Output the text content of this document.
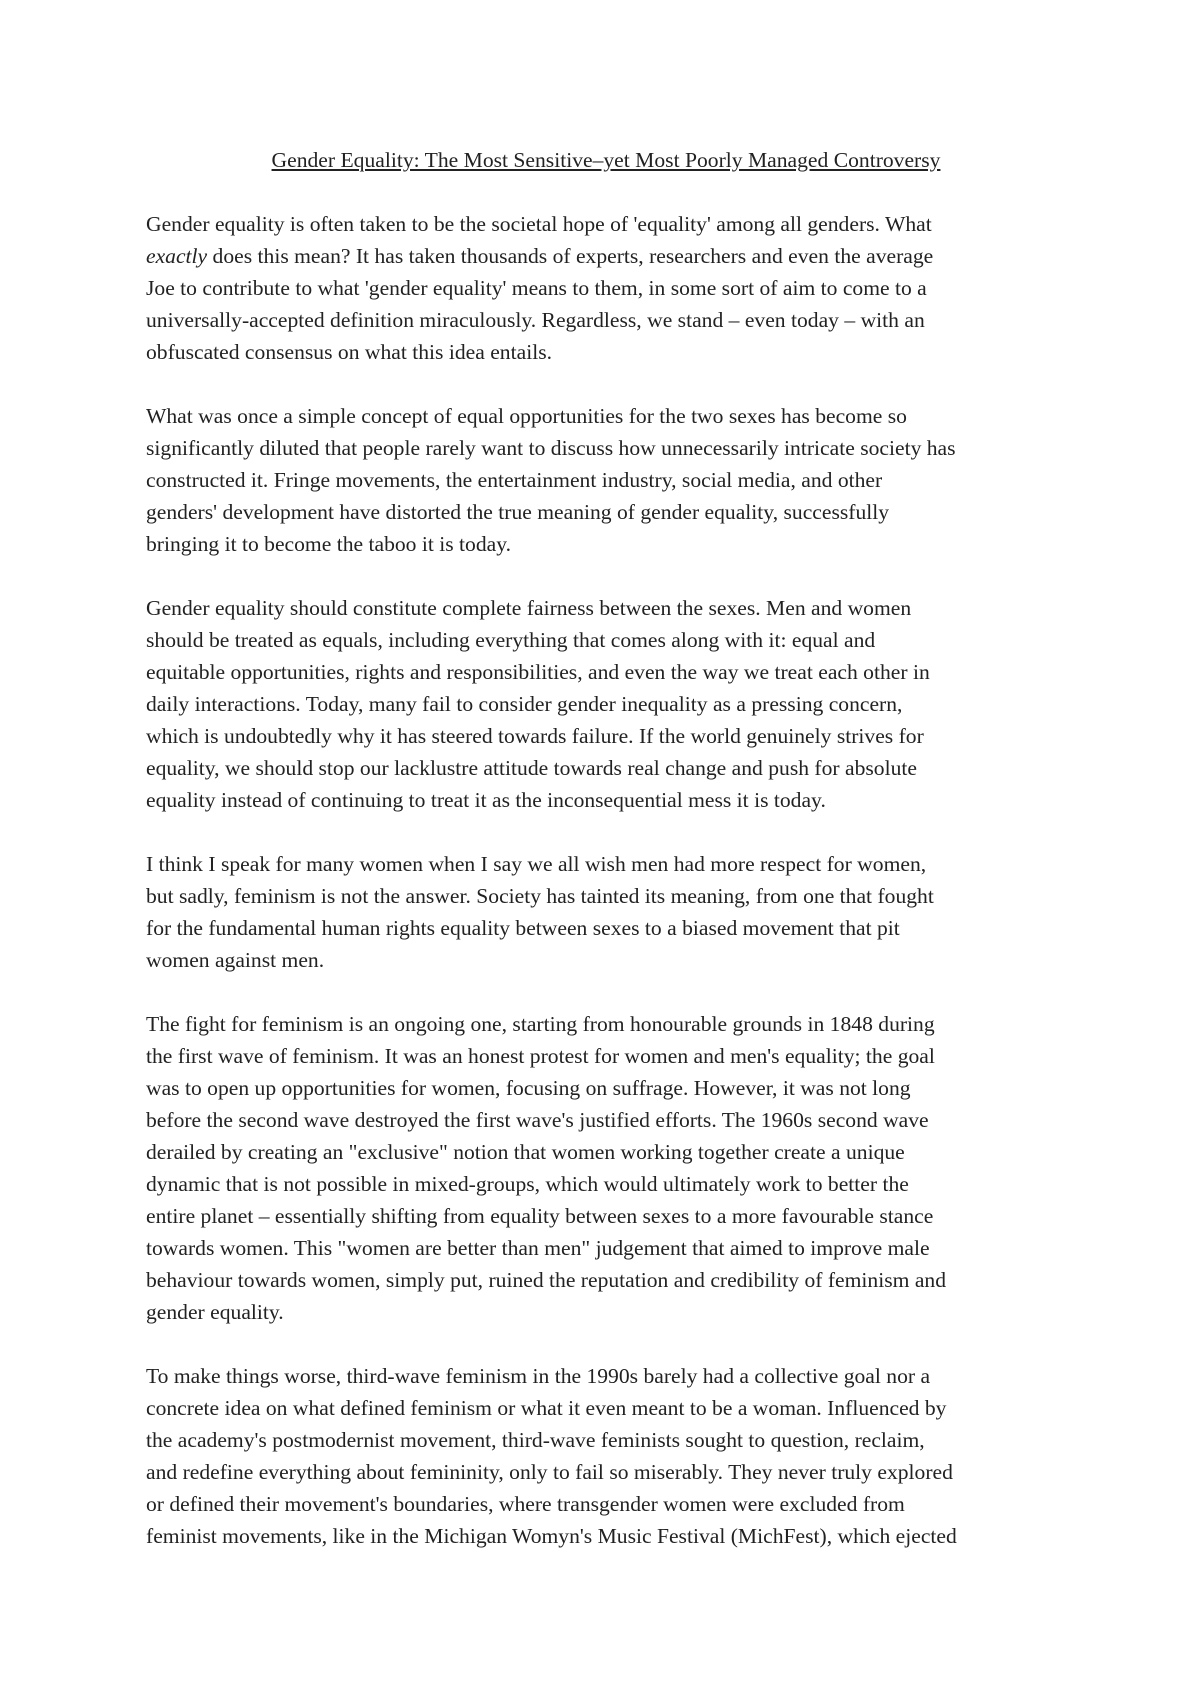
Gender Equality: The Most Sensitive–yet Most Poorly Managed Controversy
Gender equality is often taken to be the societal hope of 'equality' among all genders. What
exactly does this mean? It has taken thousands of experts, researchers and even the average
Joe to contribute to what 'gender equality' means to them, in some sort of aim to come to a
universally-accepted definition miraculously. Regardless, we stand – even today – with an
obfuscated consensus on what this idea entails.
What was once a simple concept of equal opportunities for the two sexes has become so
significantly diluted that people rarely want to discuss how unnecessarily intricate society has
constructed it. Fringe movements, the entertainment industry, social media, and other
genders' development have distorted the true meaning of gender equality, successfully
bringing it to become the taboo it is today.
Gender equality should constitute complete fairness between the sexes. Men and women
should be treated as equals, including everything that comes along with it: equal and
equitable opportunities, rights and responsibilities, and even the way we treat each other in
daily interactions. Today, many fail to consider gender inequality as a pressing concern,
which is undoubtedly why it has steered towards failure. If the world genuinely strives for
equality, we should stop our lacklustre attitude towards real change and push for absolute
equality instead of continuing to treat it as the inconsequential mess it is today.
I think I speak for many women when I say we all wish men had more respect for women,
but sadly, feminism is not the answer. Society has tainted its meaning, from one that fought
for the fundamental human rights equality between sexes to a biased movement that pit
women against men.
The fight for feminism is an ongoing one, starting from honourable grounds in 1848 during
the first wave of feminism. It was an honest protest for women and men's equality; the goal
was to open up opportunities for women, focusing on suffrage. However, it was not long
before the second wave destroyed the first wave's justified efforts. The 1960s second wave
derailed by creating an "exclusive" notion that women working together create a unique
dynamic that is not possible in mixed-groups, which would ultimately work to better the
entire planet – essentially shifting from equality between sexes to a more favourable stance
towards women. This "women are better than men" judgement that aimed to improve male
behaviour towards women, simply put, ruined the reputation and credibility of feminism and
gender equality.
To make things worse, third-wave feminism in the 1990s barely had a collective goal nor a
concrete idea on what defined feminism or what it even meant to be a woman. Influenced by
the academy's postmodernist movement, third-wave feminists sought to question, reclaim,
and redefine everything about femininity, only to fail so miserably. They never truly explored
or defined their movement's boundaries, where transgender women were excluded from
feminist movements, like in the Michigan Womyn's Music Festival (MichFest), which ejected
